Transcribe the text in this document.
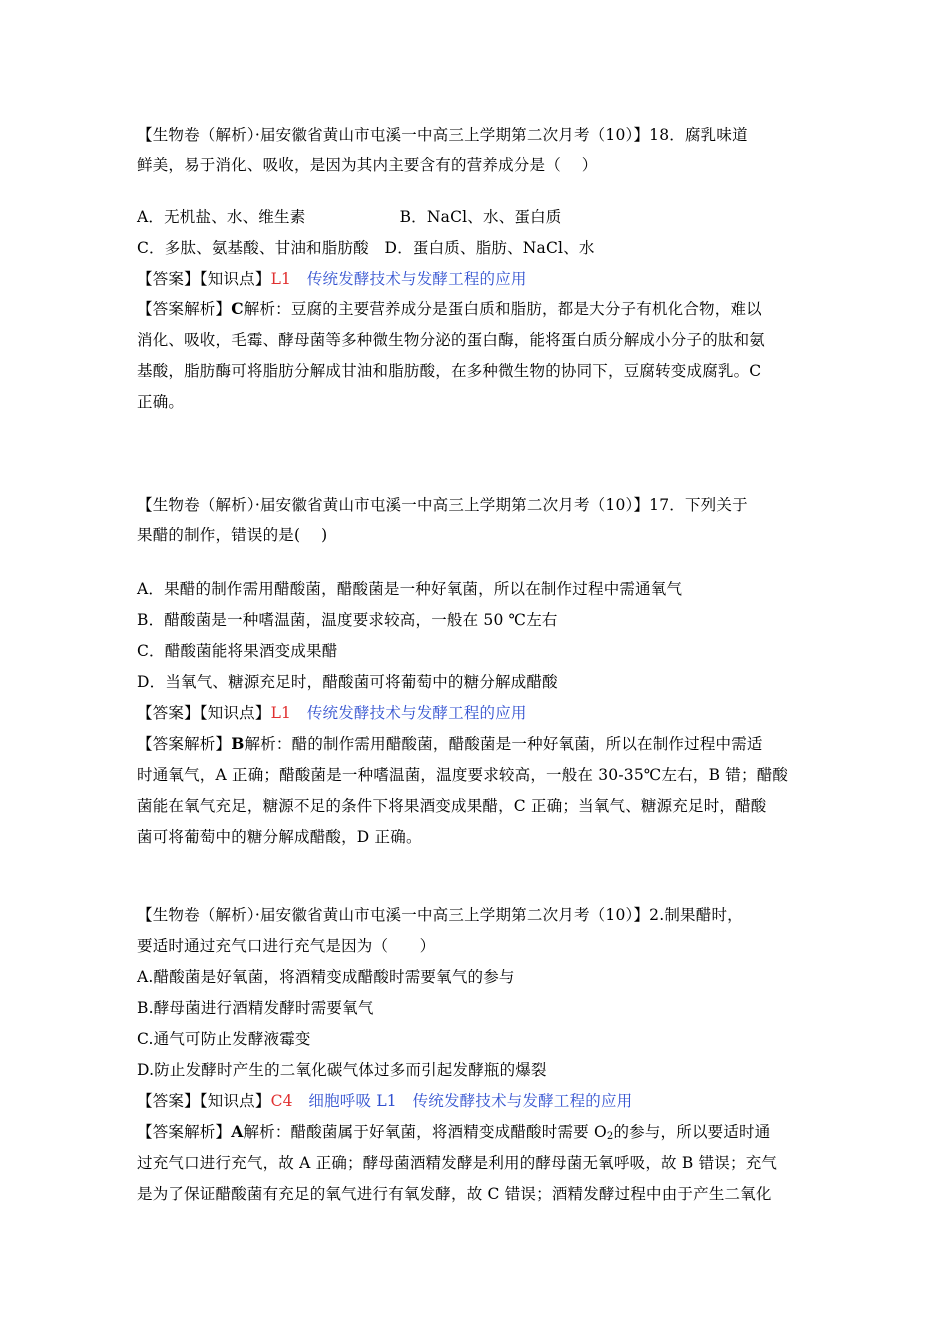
【生物卷（解析）·届安徽省黄山市屯溪一中高三上学期第二次月考（10）】18．腐乳味道
鲜美，易于消化、吸收，是因为其内主要含有的营养成分是（　 ）
A．无机盐、水、维生素　　　　　　B．NaCl、水、蛋白质
C．多肽、氨基酸、甘油和脂肪酸　D．蛋白质、脂肪、NaCl、水
【答案】【知识点】L1　传统发酵技术与发酵工程的应用
【答案解析】C解析：豆腐的主要营养成分是蛋白质和脂肪，都是大分子有机化合物，难以
消化、吸收，毛霉、酵母菌等多种微生物分泌的蛋白酶，能将蛋白质分解成小分子的肽和氨
基酸，脂肪酶可将脂肪分解成甘油和脂肪酸，在多种微生物的协同下，豆腐转变成腐乳。C
正确。
【生物卷（解析）·届安徽省黄山市屯溪一中高三上学期第二次月考（10）】17．下列关于
果醋的制作，错误的是(　 )
A．果醋的制作需用醋酸菌，醋酸菌是一种好氧菌，所以在制作过程中需通氧气
B．醋酸菌是一种嗜温菌，温度要求较高，一般在 50 ℃左右
C．醋酸菌能将果酒变成果醋
D．当氧气、糖源充足时，醋酸菌可将葡萄中的糖分解成醋酸
【答案】【知识点】L1　传统发酵技术与发酵工程的应用
【答案解析】B解析：醋的制作需用醋酸菌，醋酸菌是一种好氧菌，所以在制作过程中需适
时通氧气，A 正确；醋酸菌是一种嗜温菌，温度要求较高，一般在 30-35℃左右，B 错；醋酸
菌能在氧气充足，糖源不足的条件下将果酒变成果醋，C 正确；当氧气、糖源充足时，醋酸
菌可将葡萄中的糖分解成醋酸，D 正确。
【生物卷（解析）·届安徽省黄山市屯溪一中高三上学期第二次月考（10）】2.制果醋时，
要适时通过充气口进行充气是因为（　　）
A.醋酸菌是好氧菌，将酒精变成醋酸时需要氧气的参与
B.酵母菌进行酒精发酵时需要氧气
C.通气可防止发酵液霉变
D.防止发酵时产生的二氧化碳气体过多而引起发酵瓶的爆裂
【答案】【知识点】C4　细胞呼吸 L1　传统发酵技术与发酵工程的应用
【答案解析】A解析：醋酸菌属于好氧菌，将酒精变成醋酸时需要 $O_2$的参与，所以要适时通
过充气口进行充气，故 A 正确；酵母菌酒精发酵是利用的酵母菌无氧呼吸，故 B 错误；充气
是为了保证醋酸菌有充足的氧气进行有氧发酵，故 C 错误；酒精发酵过程中由于产生二氧化
